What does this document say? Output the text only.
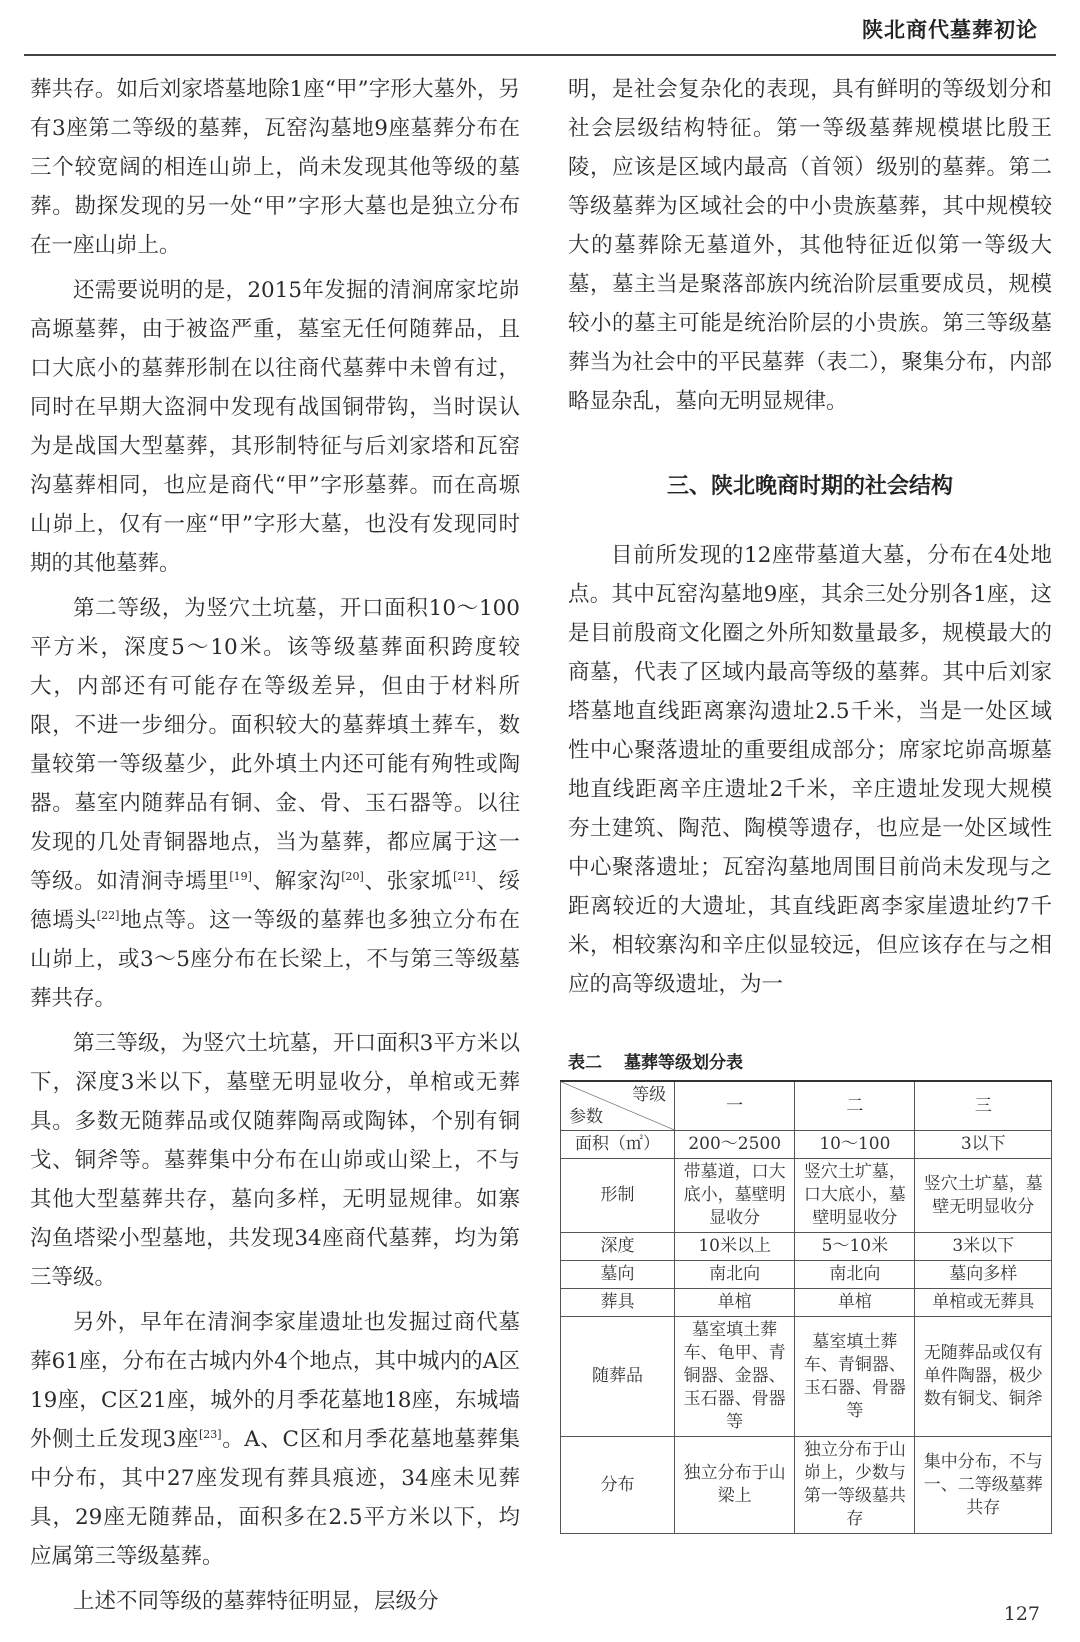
陕北商代墓葬初论

葬共存。如后刘家塔墓地除1座“甲”字形大墓外，另有3座第二等级的墓葬，瓦窑沟墓地9座墓葬分布在三个较宽阔的相连山峁上，尚未发现其他等级的墓葬。勘探发现的另一处“甲”字形大墓也是独立分布在一座山峁上。

还需要说明的是，2015年发掘的清涧席家坨峁高塬墓葬，由于被盗严重，墓室无任何随葬品，且口大底小的墓葬形制在以往商代墓葬中未曾有过，同时在早期大盗洞中发现有战国铜带钩，当时误认为是战国大型墓葬，其形制特征与后刘家塔和瓦窑沟墓葬相同，也应是商代“甲”字形墓葬。而在高塬山峁上，仅有一座“甲”字形大墓，也没有发现同时期的其他墓葬。

第二等级，为竖穴土坑墓，开口面积10～100平方米，深度5～10米。该等级墓葬面积跨度较大，内部还有可能存在等级差异，但由于材料所限，不进一步细分。面积较大的墓葬填土葬车，数量较第一等级墓少，此外填土内还可能有殉牲或陶器。墓室内随葬品有铜、金、骨、玉石器等。以往发现的几处青铜器地点，当为墓葬，都应属于这一等级。如清涧寺墕里[19]、解家沟[20]、张家坬[21]、绥德墕头[22]地点等。这一等级的墓葬也多独立分布在山峁上，或3～5座分布在长梁上，不与第三等级墓葬共存。

第三等级，为竖穴土坑墓，开口面积3平方米以下，深度3米以下，墓壁无明显收分，单棺或无葬具。多数无随葬品或仅随葬陶鬲或陶钵，个别有铜戈、铜斧等。墓葬集中分布在山峁或山梁上，不与其他大型墓葬共存，墓向多样，无明显规律。如寨沟鱼塔梁小型墓地，共发现34座商代墓葬，均为第三等级。

另外，早年在清涧李家崖遗址也发掘过商代墓葬61座，分布在古城内外4个地点，其中城内的A区19座，C区21座，城外的月季花墓地18座，东城墙外侧土丘发现3座[23]。A、C区和月季花墓地墓葬集中分布，其中27座发现有葬具痕迹，34座未见葬具，29座无随葬品，面积多在2.5平方米以下，均应属第三等级墓葬。

上述不同等级的墓葬特征明显，层级分

明，是社会复杂化的表现，具有鲜明的等级划分和社会层级结构特征。第一等级墓葬规模堪比殷王陵，应该是区域内最高（首领）级别的墓葬。第二等级墓葬为区域社会的中小贵族墓葬，其中规模较大的墓葬除无墓道外，其他特征近似第一等级大墓，墓主当是聚落部族内统治阶层重要成员，规模较小的墓主可能是统治阶层的小贵族。第三等级墓葬当为社会中的平民墓葬（表二），聚集分布，内部略显杂乱，墓向无明显规律。

三、陕北晚商时期的社会结构

目前所发现的12座带墓道大墓，分布在4处地点。其中瓦窑沟墓地9座，其余三处分别各1座，这是目前殷商文化圈之外所知数量最多，规模最大的商墓，代表了区域内最高等级的墓葬。其中后刘家塔墓地直线距离寨沟遗址2.5千米，当是一处区域性中心聚落遗址的重要组成部分；席家坨峁高塬墓地直线距离辛庄遗址2千米，辛庄遗址发现大规模夯土建筑、陶范、陶模等遗存，也应是一处区域性中心聚落遗址；瓦窑沟墓地周围目前尚未发现与之距离较近的大遗址，其直线距离李家崖遗址约7千米，相较寨沟和辛庄似显较远，但应该存在与之相应的高等级遗址，为一

表二 墓葬等级划分表
等级
参数	一	二	三
面积（㎡）	200～2500	10～100	3以下
形制	带墓道，口大底小，墓壁明显收分	竖穴土圹墓，口大底小，墓壁明显收分	竖穴土圹墓，墓壁无明显收分
深度	10米以上	5～10米	3米以下
墓向	南北向	南北向	墓向多样
葬具	单棺	单棺	单棺或无葬具
随葬品	墓室填土葬车、龟甲、青铜器、金器、玉石器、骨器等	墓室填土葬车、青铜器、玉石器、骨器等	无随葬品或仅有单件陶器，极少数有铜戈、铜斧
分布	独立分布于山梁上	独立分布于山峁上，少数与第一等级墓共存	集中分布，不与一、二等级墓葬共存
127
